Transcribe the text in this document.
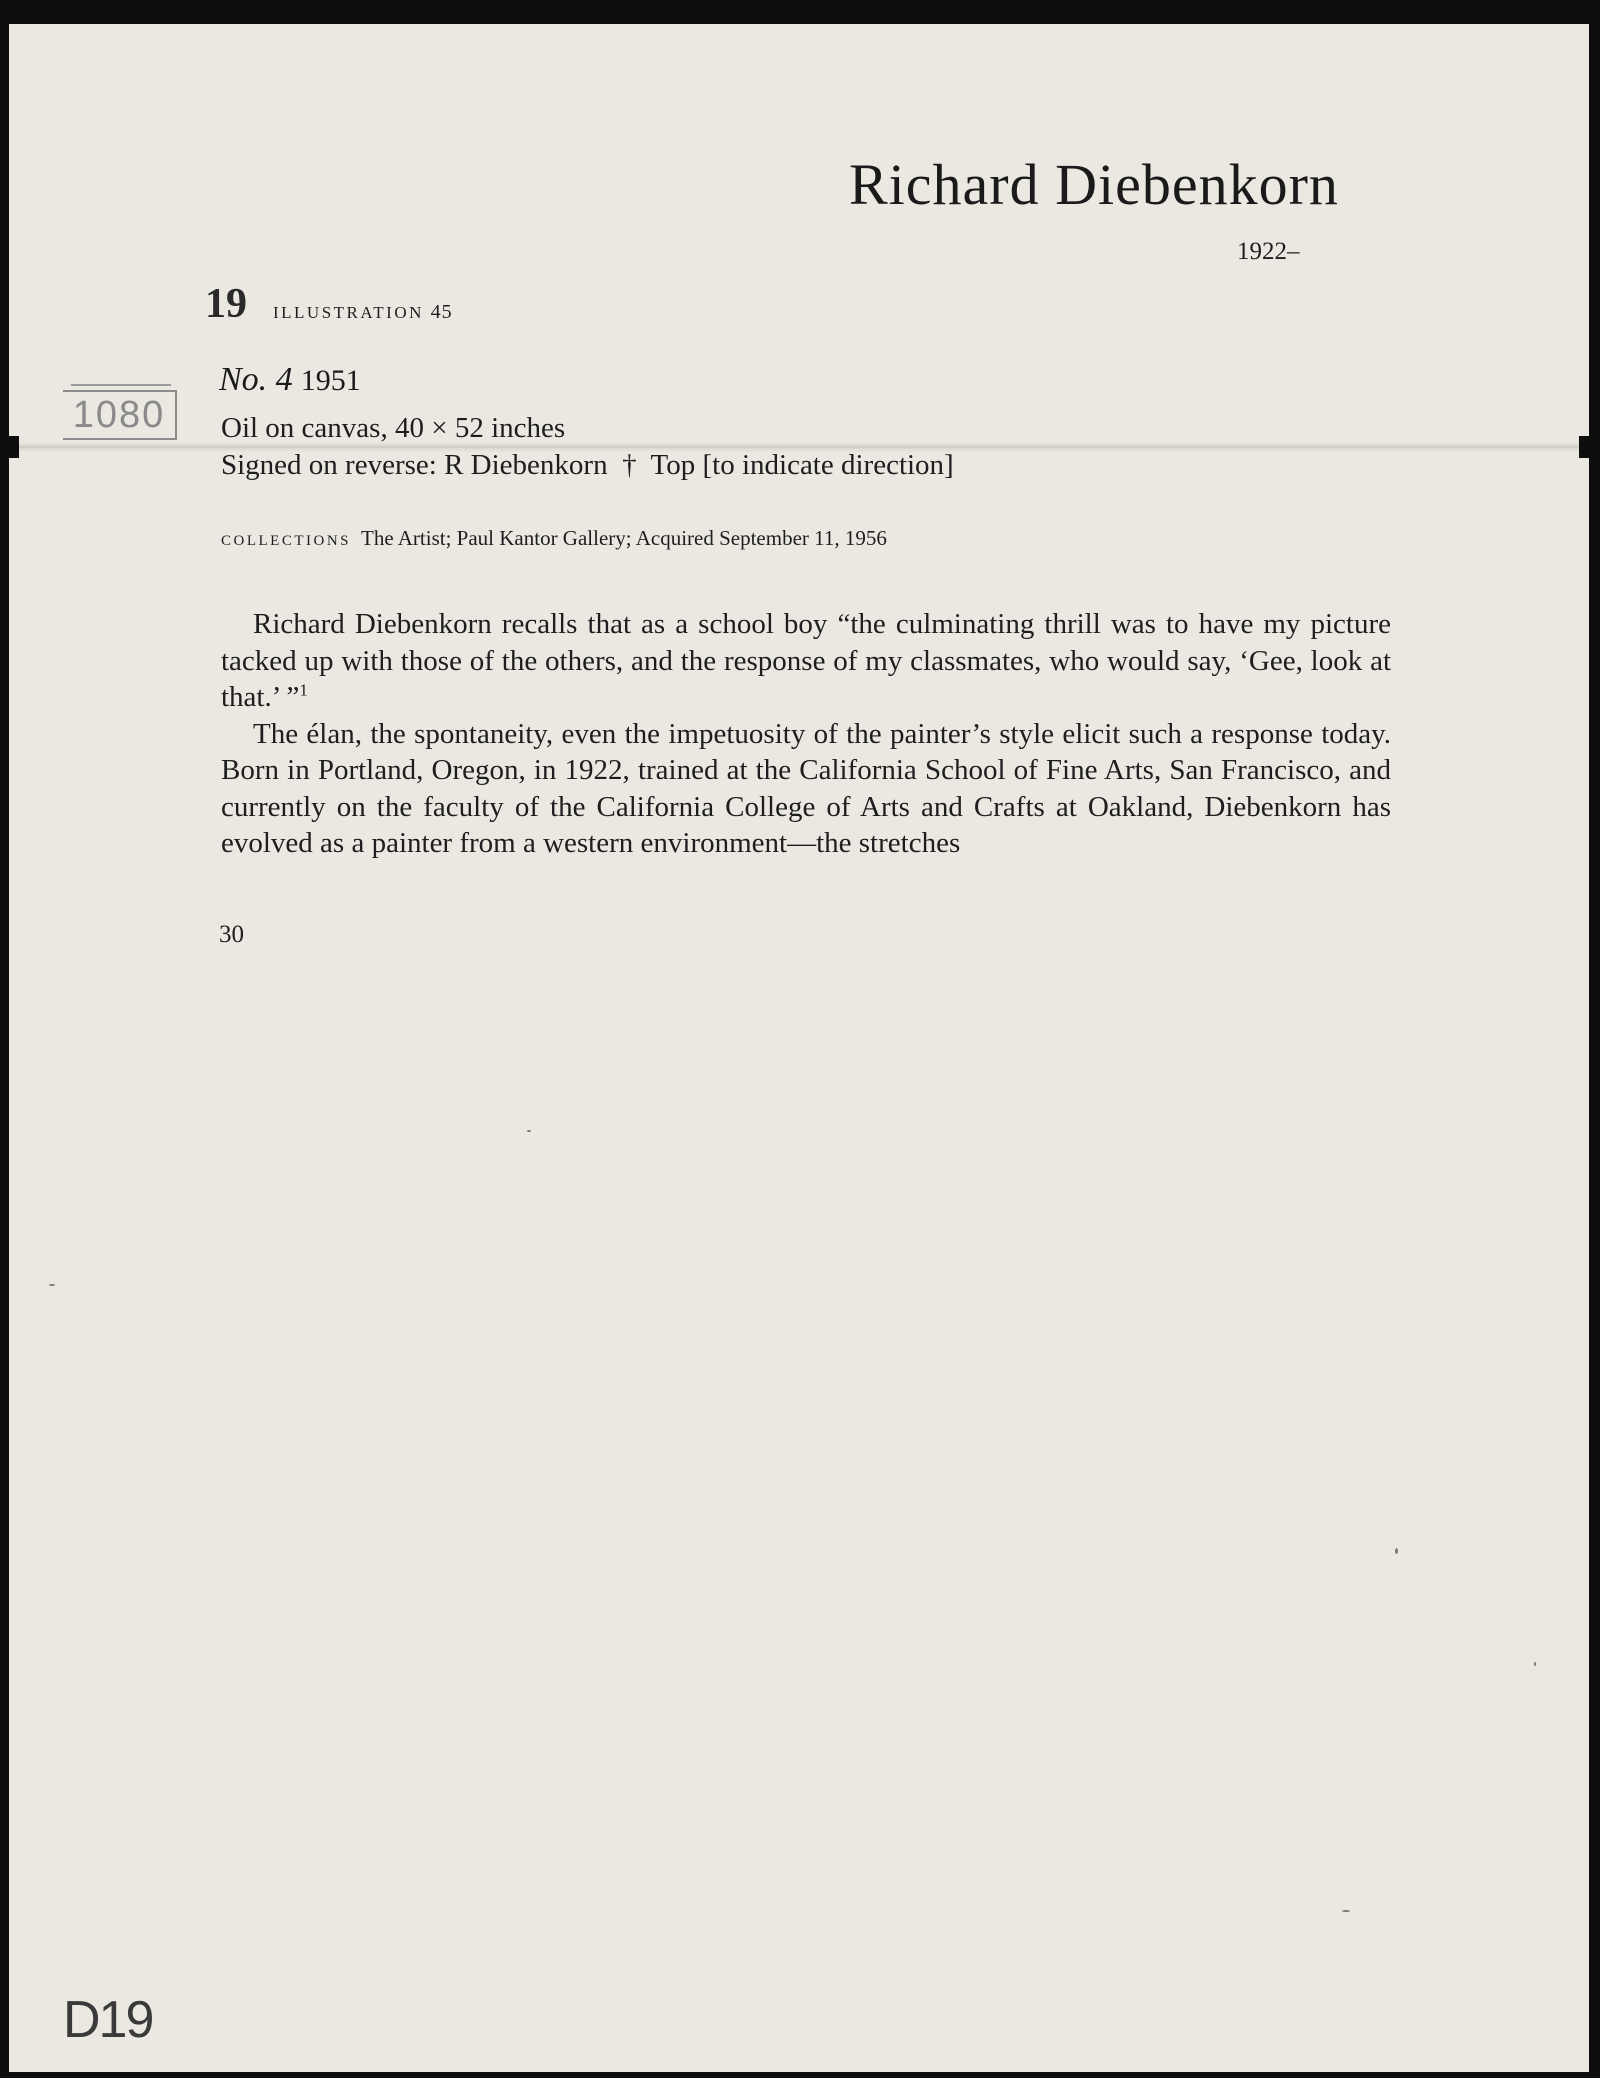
Richard Diebenkorn
1922–
19 ILLUSTRATION 45
1080
No. 4 1951
Oil on canvas, 40 × 52 inches
Signed on reverse: R Diebenkorn  †  Top [to indicate direction]
COLLECTIONS The Artist; Paul Kantor Gallery; Acquired September 11, 1956

Richard Diebenkorn recalls that as a school boy “the culminating thrill was to have my picture tacked up with those of the others, and the response of my classmates, who would say, ‘Gee, look at that.’ ”$^1$

The élan, the spontaneity, even the impetuosity of the painter’s style elicit such a response today. Born in Portland, Oregon, in 1922, trained at the California School of Fine Arts, San Francisco, and currently on the faculty of the California College of Arts and Crafts at Oakland, Diebenkorn has evolved as a painter from a western environment—the stretches

30
D19
